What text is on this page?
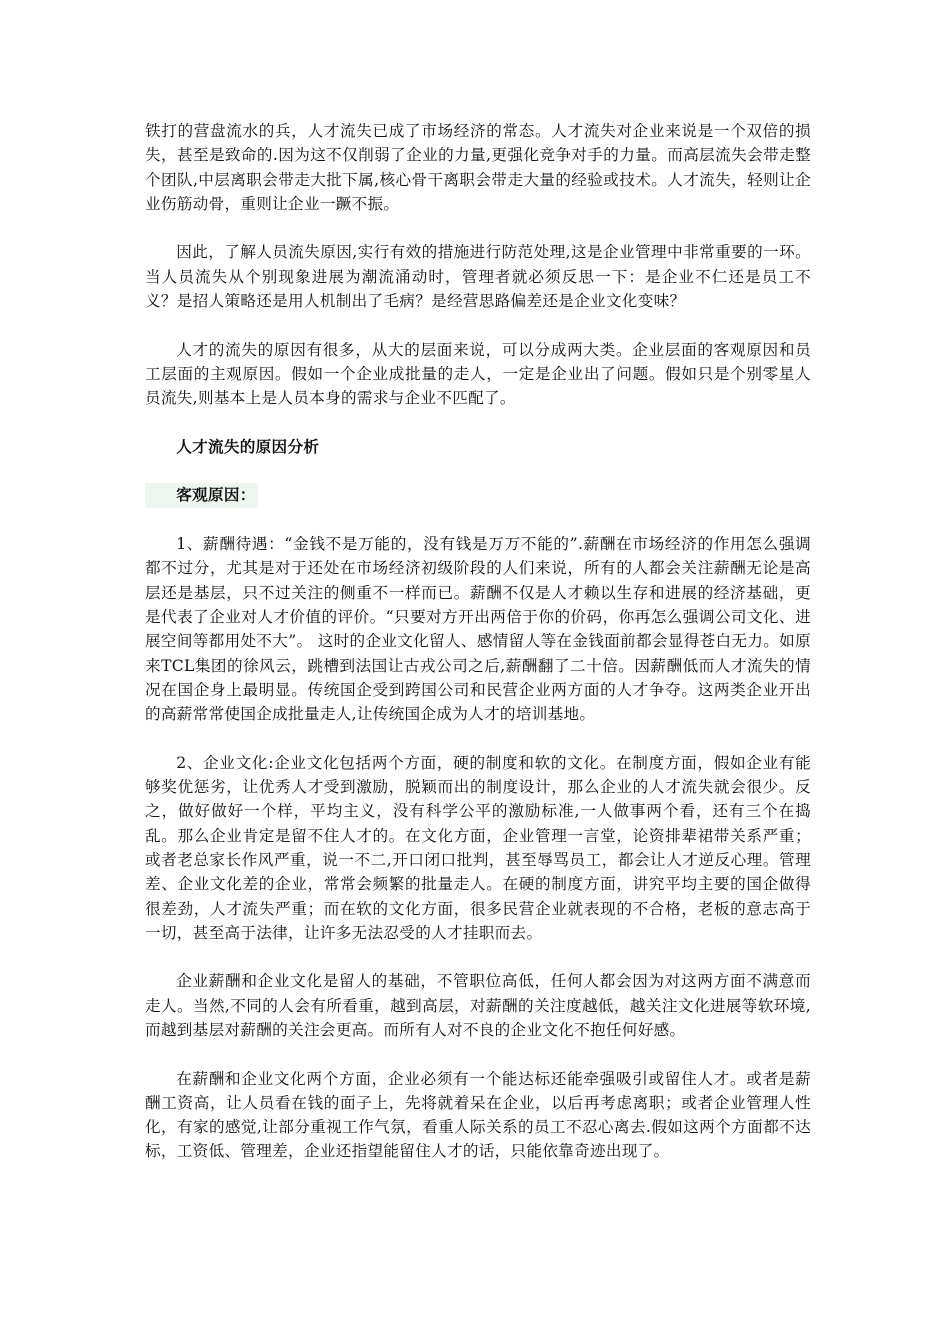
铁打的营盘流水的兵，人才流失已成了市场经济的常态。人才流失对企业来说是一个双倍的损失，甚至是致命的.因为这不仅削弱了企业的力量,更强化竞争对手的力量。而高层流失会带走整个团队,中层离职会带走大批下属,核心骨干离职会带走大量的经验或技术。人才流失，轻则让企业伤筋动骨，重则让企业一蹶不振。

因此，了解人员流失原因,实行有效的措施进行防范处理,这是企业管理中非常重要的一环。当人员流失从个别现象进展为潮流涌动时，管理者就必须反思一下：是企业不仁还是员工不义？是招人策略还是用人机制出了毛病？是经营思路偏差还是企业文化变味？

人才的流失的原因有很多，从大的层面来说，可以分成两大类。企业层面的客观原因和员工层面的主观原因。假如一个企业成批量的走人，一定是企业出了问题。假如只是个别零星人员流失,则基本上是人员本身的需求与企业不匹配了。

人才流失的原因分析
客观原因：

1、薪酬待遇：“金钱不是万能的，没有钱是万万不能的”.薪酬在市场经济的作用怎么强调都不过分，尤其是对于还处在市场经济初级阶段的人们来说，所有的人都会关注薪酬无论是高层还是基层，只不过关注的侧重不一样而已。薪酬不仅是人才赖以生存和进展的经济基础，更是代表了企业对人才价值的评价。“只要对方开出两倍于你的价码，你再怎么强调公司文化、进展空间等都用处不大”。 这时的企业文化留人、感情留人等在金钱面前都会显得苍白无力。如原来TCL集团的徐风云，跳槽到法国让古戎公司之后,薪酬翻了二十倍。因薪酬低而人才流失的情况在国企身上最明显。传统国企受到跨国公司和民营企业两方面的人才争夺。这两类企业开出的高薪常常使国企成批量走人,让传统国企成为人才的培训基地。

2、企业文化:企业文化包括两个方面，硬的制度和软的文化。在制度方面，假如企业有能够奖优惩劣，让优秀人才受到激励，脱颖而出的制度设计，那么企业的人才流失就会很少。反之，做好做好一个样，平均主义，没有科学公平的激励标准,一人做事两个看，还有三个在捣乱。那么企业肯定是留不住人才的。在文化方面，企业管理一言堂，论资排辈裙带关系严重；或者老总家长作风严重，说一不二,开口闭口批判，甚至辱骂员工，都会让人才逆反心理。管理差、企业文化差的企业，常常会频繁的批量走人。在硬的制度方面，讲究平均主要的国企做得很差劲，人才流失严重；而在软的文化方面，很多民营企业就表现的不合格，老板的意志高于一切，甚至高于法律，让许多无法忍受的人才挂职而去。

企业薪酬和企业文化是留人的基础，不管职位高低，任何人都会因为对这两方面不满意而走人。当然,不同的人会有所看重，越到高层，对薪酬的关注度越低，越关注文化进展等软环境,而越到基层对薪酬的关注会更高。而所有人对不良的企业文化不抱任何好感。

在薪酬和企业文化两个方面，企业必须有一个能达标还能牵强吸引或留住人才。或者是薪酬工资高，让人员看在钱的面子上，先将就着呆在企业，以后再考虑离职；或者企业管理人性化，有家的感觉,让部分重视工作气氛，看重人际关系的员工不忍心离去.假如这两个方面都不达标，工资低、管理差，企业还指望能留住人才的话，只能依靠奇迹出现了。
